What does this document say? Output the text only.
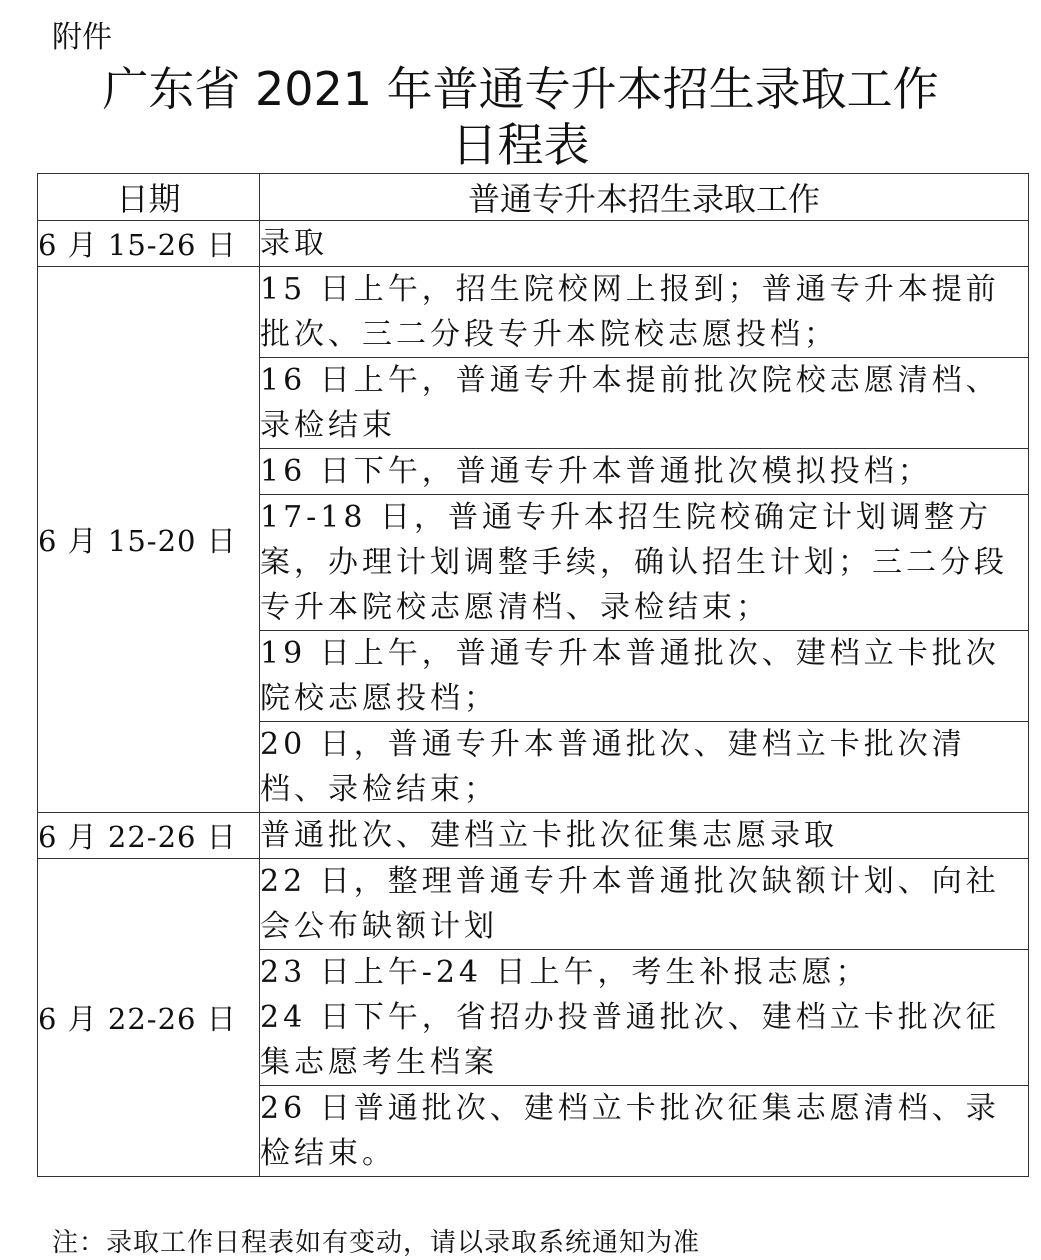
附件
广东省 2021 年普通专升本招生录取工作
日程表
日期	普通专升本招生录取工作
6 月 15-26 日	录取
6 月 15-20 日	15 日上午，招生院校网上报到；普通专升本提前批次、三二分段专升本院校志愿投档；
	16 日上午，普通专升本提前批次院校志愿清档、录检结束
	16 日下午，普通专升本普通批次模拟投档；
	17-18 日，普通专升本招生院校确定计划调整方案，办理计划调整手续，确认招生计划；三二分段专升本院校志愿清档、录检结束；
	19 日上午，普通专升本普通批次、建档立卡批次院校志愿投档；
	20 日，普通专升本普通批次、建档立卡批次清档、录检结束；
6 月 22-26 日	普通批次、建档立卡批次征集志愿录取
6 月 22-26 日	22 日，整理普通专升本普通批次缺额计划、向社会公布缺额计划

	23 日上午-24 日上午，考生补报志愿；
24 日下午，省招办投普通批次、建档立卡批次征集志愿考生档案

	26 日普通批次、建档立卡批次征集志愿清档、录检结束。
注：录取工作日程表如有变动，请以录取系统通知为准
